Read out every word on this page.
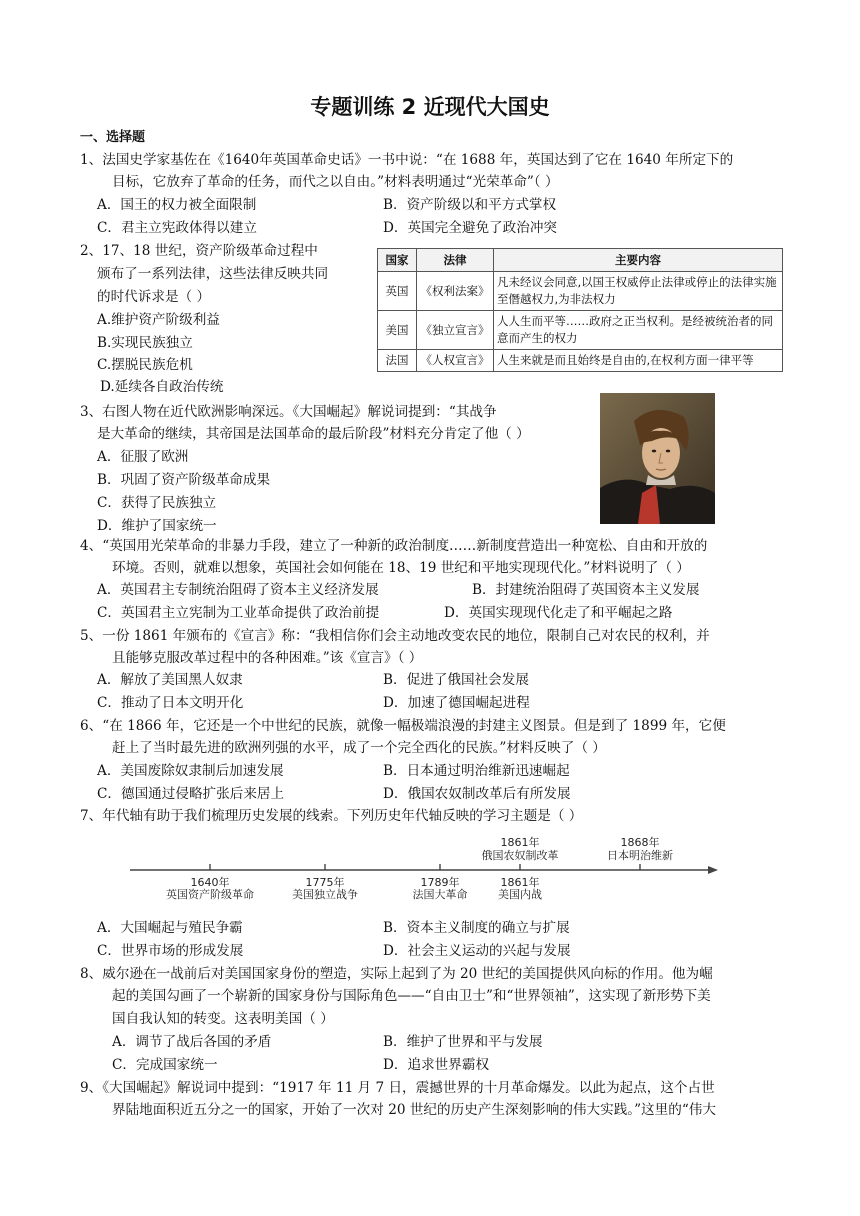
专题训练 2 近现代大国史
一、选择题
1、法国史学家基佐在《1640年英国革命史话》一书中说：“在 1688 年，英国达到了它在 1640 年所定下的
目标，它放弃了革命的任务，而代之以自由。”材料表明通过“光荣革命”（ ）
A．国王的权力被全面限制	B．资产阶级以和平方式掌权
C．君主立宪政体得以建立	D．英国完全避免了政治冲突
2、17、18 世纪，资产阶级革命过程中
颁布了一系列法律，这些法律反映共同
的时代诉求是（ ）
A.维护资产阶级利益
B.实现民族独立
C.摆脱民族危机
D.延续各自政治传统
国家	法律	主要内容
英国	《权利法案》	凡未经议会同意,以国王权威停止法律或停止的法律实施至僭越权力,为非法权力
美国	《独立宣言》	人人生而平等……政府之正当权利。是经被统治者的同意而产生的权力
法国	《人权宣言》	人生来就是而且始终是自由的,在权利方面一律平等
3、右图人物在近代欧洲影响深远。《大国崛起》解说词提到：“其战争
是大革命的继续，其帝国是法国革命的最后阶段”材料充分肯定了他（ ）
A．征服了欧洲
B．巩固了资产阶级革命成果
C．获得了民族独立
D．维护了国家统一
4、“英国用光荣革命的非暴力手段，建立了一种新的政治制度……新制度营造出一种宽松、自由和开放的
环境。否则，就难以想象，英国社会如何能在 18、19 世纪和平地实现现代化。”材料说明了（ ）
A．英国君主专制统治阻碍了资本主义经济发展	B．封建统治阻碍了英国资本主义发展
C．英国君主立宪制为工业革命提供了政治前提	D．英国实现现代化走了和平崛起之路
5、一份 1861 年颁布的《宣言》称：“我相信你们会主动地改变农民的地位，限制自己对农民的权利，并
且能够克服改革过程中的各种困难。”该《宣言》（ ）
A．解放了美国黑人奴隶	B．促进了俄国社会发展
C．推动了日本文明开化	D．加速了德国崛起进程
6、“在 1866 年，它还是一个中世纪的民族，就像一幅极端浪漫的封建主义图景。但是到了 1899 年，它便
赶上了当时最先进的欧洲列强的水平，成了一个完全西化的民族。”材料反映了（ ）
A．美国废除奴隶制后加速发展	B．日本通过明治维新迅速崛起
C．德国通过侵略扩张后来居上	D．俄国农奴制改革后有所发展
7、年代轴有助于我们梳理历史发展的线索。下列历史年代轴反映的学习主题是（ ）
1640年
英国资产阶级革命
1775年
美国独立战争
1789年
法国大革命
1861年
美国内战
1861年
俄国农奴制改革
1868年
日本明治维新
A．大国崛起与殖民争霸	B．资本主义制度的确立与扩展
C．世界市场的形成发展	D．社会主义运动的兴起与发展
8、威尔逊在一战前后对美国国家身份的塑造，实际上起到了为 20 世纪的美国提供风向标的作用。他为崛
起的美国勾画了一个崭新的国家身份与国际角色——“自由卫士”和“世界领袖”，这实现了新形势下美
国自我认知的转变。这表明美国（ ）
A．调节了战后各国的矛盾	B．维护了世界和平与发展
C．完成国家统一	D．追求世界霸权
9、《大国崛起》解说词中提到：“1917 年 11 月 7 日，震撼世界的十月革命爆发。以此为起点，这个占世
界陆地面积近五分之一的国家，开始了一次对 20 世纪的历史产生深刻影响的伟大实践。”这里的“伟大
